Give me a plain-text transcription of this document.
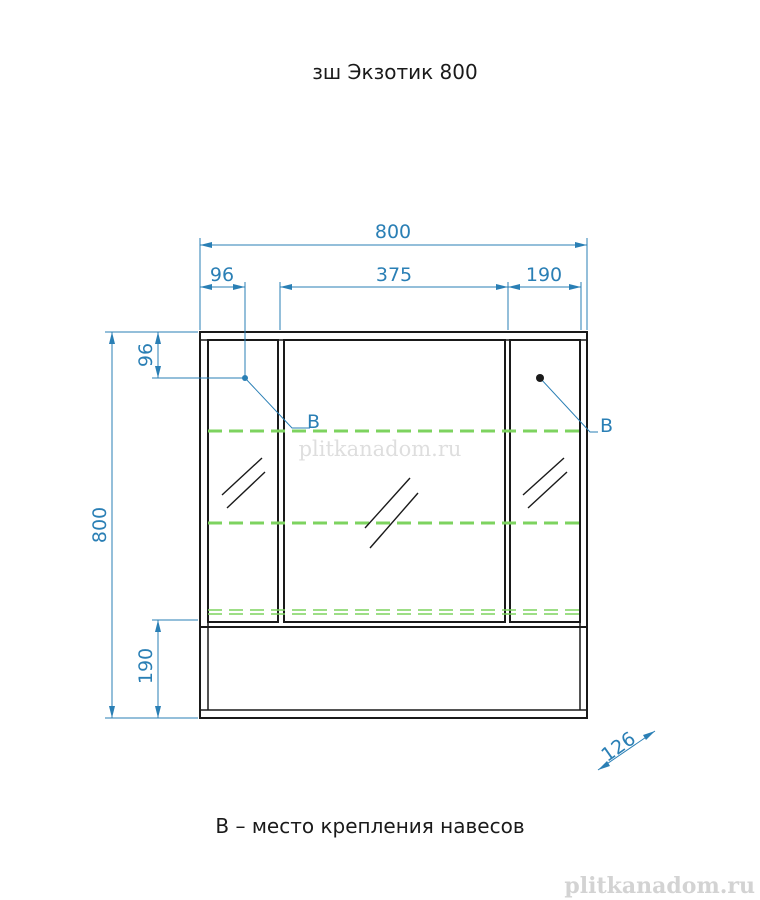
зш Экзотик 800
800
96	375	190
800
96
190
126
B	B
В – место крепления навесов
plitkanadom.ru
plitkanadom.ru
